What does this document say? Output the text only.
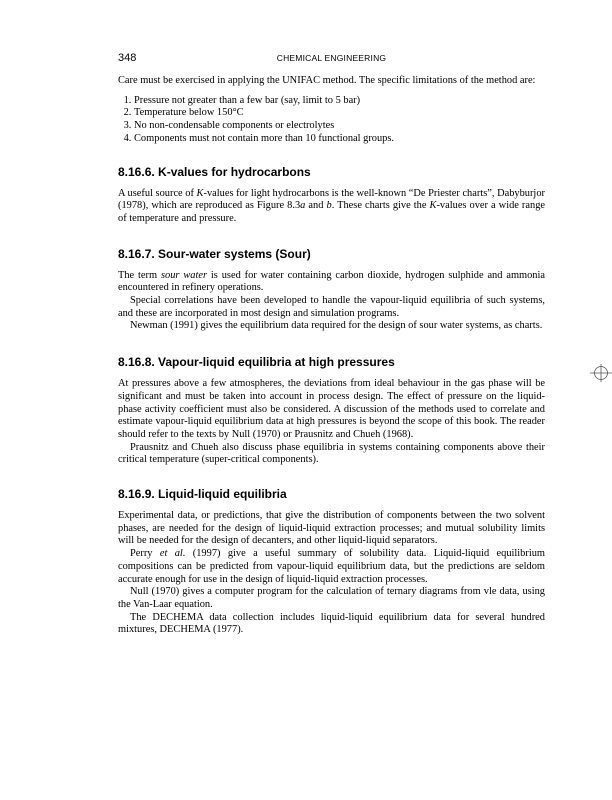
348	CHEMICAL ENGINEERING

Care must be exercised in applying the UNIFAC method. The specific limitations of the method are:

1. Pressure not greater than a few bar (say, limit to 5 bar)
2. Temperature below 150°C
3. No non-condensable components or electrolytes
4. Components must not contain more than 10 functional groups.
8.16.6. K-values for hydrocarbons

A useful source of K-values for light hydrocarbons is the well-known “De Priester charts”, Dabyburjor (1978), which are reproduced as Figure 8.3a and b. These charts give the K-values over a wide range of temperature and pressure.

8.16.7. Sour-water systems (Sour)

The term sour water is used for water containing carbon dioxide, hydrogen sulphide and ammonia encountered in refinery operations.

Special correlations have been developed to handle the vapour-liquid equilibria of such systems, and these are incorporated in most design and simulation programs.

Newman (1991) gives the equilibrium data required for the design of sour water systems, as charts.

8.16.8. Vapour-liquid equilibria at high pressures

At pressures above a few atmospheres, the deviations from ideal behaviour in the gas phase will be significant and must be taken into account in process design. The effect of pressure on the liquid-phase activity coefficient must also be considered. A discussion of the methods used to correlate and estimate vapour-liquid equilibrium data at high pressures is beyond the scope of this book. The reader should refer to the texts by Null (1970) or Prausnitz and Chueh (1968).

Prausnitz and Chueh also discuss phase equilibria in systems containing components above their critical temperature (super-critical components).

8.16.9. Liquid-liquid equilibria

Experimental data, or predictions, that give the distribution of components between the two solvent phases, are needed for the design of liquid-liquid extraction processes; and mutual solubility limits will be needed for the design of decanters, and other liquid-liquid separators.

Perry et al. (1997) give a useful summary of solubility data. Liquid-liquid equilibrium compositions can be predicted from vapour-liquid equilibrium data, but the predictions are seldom accurate enough for use in the design of liquid-liquid extraction processes.

Null (1970) gives a computer program for the calculation of ternary diagrams from vle data, using the Van-Laar equation.

The DECHEMA data collection includes liquid-liquid equilibrium data for several hundred mixtures, DECHEMA (1977).
